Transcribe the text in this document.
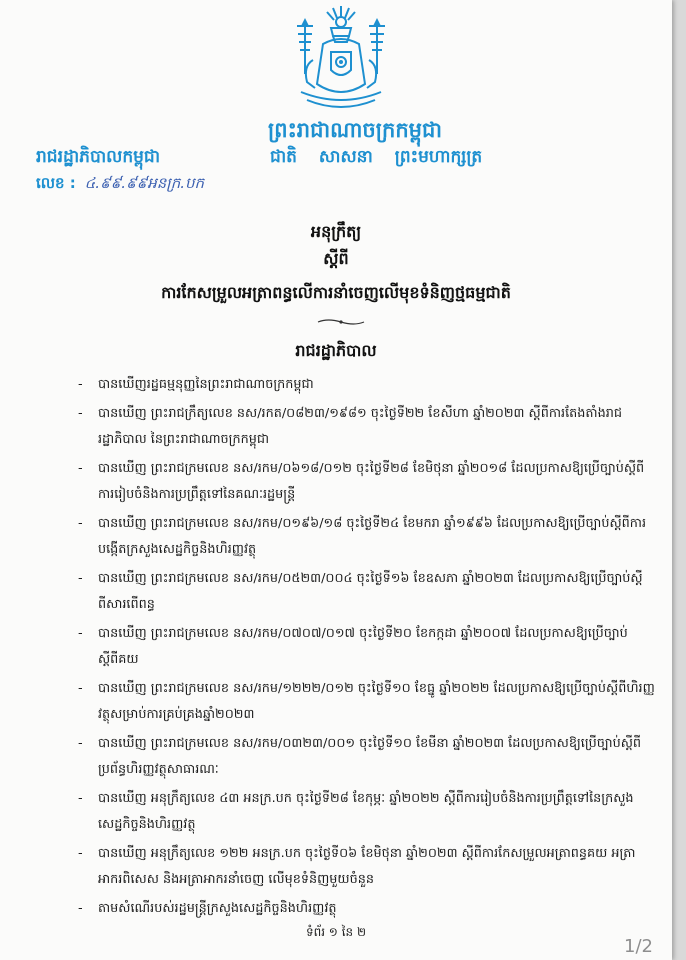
ព្រះរាជាណាចក្រកម្ពុជា
រាជរដ្ឋាភិបាលកម្ពុជា	ជាតិ សាសនា ព្រះមហាក្សត្រ
លេខ : ៤.៩៩.៩៩អនក្រ.បក
អនុក្រឹត្យ
ស្តីពី
ការកែសម្រួលអត្រាពន្ធលើការនាំចេញលើមុខទំនិញថ្មធម្មជាតិ
រាជរដ្ឋាភិបាល
- បានឃើញរដ្ឋធម្មនុញ្ញនៃព្រះរាជាណាចក្រកម្ពុជា
- បានឃើញ ព្រះរាជក្រឹត្យលេខ នស/រកត/០៨២៣/១៩៨១ ចុះថ្ងៃទី២២ ខែសីហា ឆ្នាំ២០២៣ ស្តីពីការតែងតាំងរាជរដ្ឋាភិបាល នៃព្រះរាជាណាចក្រកម្ពុជា
- បានឃើញ ព្រះរាជក្រមលេខ នស/រកម/០៦១៨/០១២ ចុះថ្ងៃទី២៨ ខែមិថុនា ឆ្នាំ២០១៨ ដែលប្រកាសឱ្យប្រើច្បាប់ស្តីពីការរៀបចំនិងការប្រព្រឹត្តទៅនៃគណៈរដ្ឋមន្ត្រី
- បានឃើញ ព្រះរាជក្រមលេខ នស/រកម/០១៩៦/១៨ ចុះថ្ងៃទី២៤ ខែមករា ឆ្នាំ១៩៩៦ ដែលប្រកាសឱ្យប្រើច្បាប់ស្តីពីការបង្កើតក្រសួងសេដ្ឋកិច្ចនិងហិរញ្ញវត្ថុ
- បានឃើញ ព្រះរាជក្រមលេខ នស/រកម/០៥២៣/០០៤ ចុះថ្ងៃទី១៦ ខែឧសភា ឆ្នាំ២០២៣ ដែលប្រកាសឱ្យប្រើច្បាប់ស្តីពីសារពើពន្ធ
- បានឃើញ ព្រះរាជក្រមលេខ នស/រកម/០៧០៧/០១៧ ចុះថ្ងៃទី២០ ខែកក្កដា ឆ្នាំ២០០៧ ដែលប្រកាសឱ្យប្រើច្បាប់ស្តីពីគយ
- បានឃើញ ព្រះរាជក្រមលេខ នស/រកម/១២២២/០១២ ចុះថ្ងៃទី១០ ខែធ្នូ ឆ្នាំ២០២២ ដែលប្រកាសឱ្យប្រើច្បាប់ស្តីពីហិរញ្ញវត្ថុសម្រាប់ការគ្រប់គ្រងឆ្នាំ២០២៣
- បានឃើញ ព្រះរាជក្រមលេខ នស/រកម/០៣២៣/០០១ ចុះថ្ងៃទី១០ ខែមីនា ឆ្នាំ២០២៣ ដែលប្រកាសឱ្យប្រើច្បាប់ស្តីពីប្រព័ន្ធហិរញ្ញវត្ថុសាធារណៈ
- បានឃើញ អនុក្រឹត្យលេខ ៤៣ អនក្រ.បក ចុះថ្ងៃទី២៨ ខែកុម្ភៈ ឆ្នាំ២០២២ ស្តីពីការរៀបចំនិងការប្រព្រឹត្តទៅនៃក្រសួងសេដ្ឋកិច្ចនិងហិរញ្ញវត្ថុ
- បានឃើញ អនុក្រឹត្យលេខ ១២២ អនក្រ.បក ចុះថ្ងៃទី០៦ ខែមិថុនា ឆ្នាំ២០២៣ ស្តីពីការកែសម្រួលអត្រាពន្ធគយ អត្រាអាករពិសេស និងអត្រាអាករនាំចេញ លើមុខទំនិញមួយចំនួន
- តាមសំណើរបស់រដ្ឋមន្ត្រីក្រសួងសេដ្ឋកិច្ចនិងហិរញ្ញវត្ថុ
ទំព័រ ១ នៃ ២
1/2
